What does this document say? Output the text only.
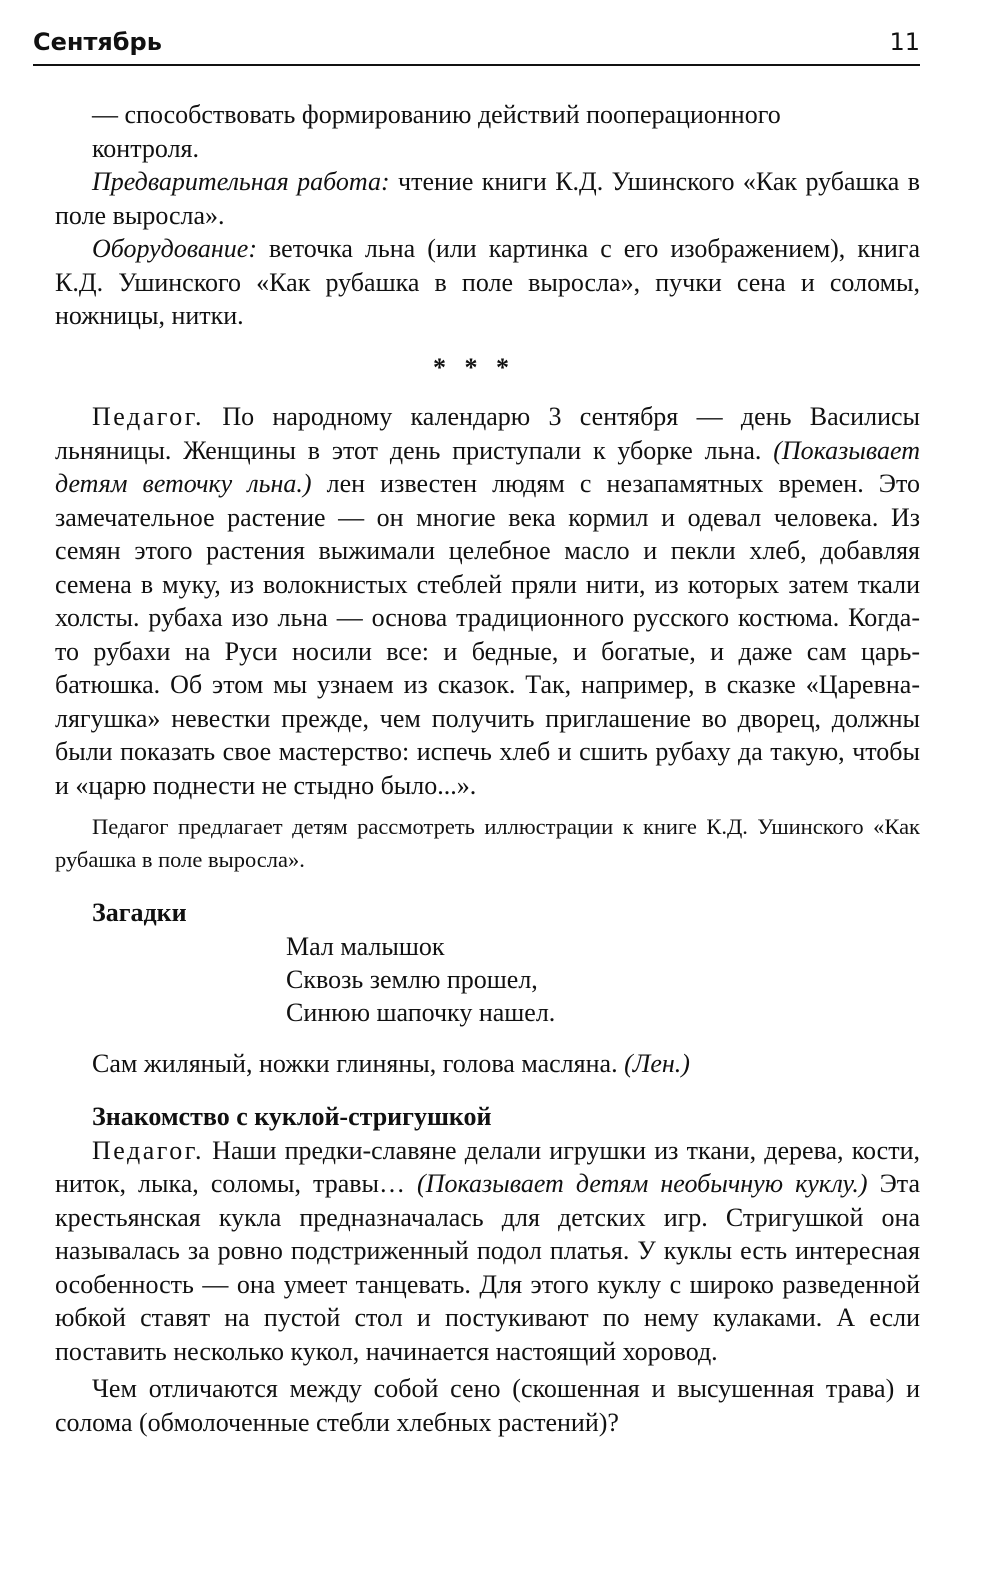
Сентябрь	11

— способствовать формированию действий пооперационного
контроля.

Предварительная работа: чтение книги К.Д. Ушинского «Как рубашка в поле выросла».

Оборудование: веточка льна (или картинка с его изображением), книга К.Д. Ушинского «Как рубашка в поле выросла», пучки сена и соломы, ножницы, нитки.

* * *

Педагог. По народному календарю 3 сентября — день Василисы льняницы. Женщины в этот день приступали к уборке льна. (Показывает детям веточку льна.) лен известен людям с незапамятных времен. Это замечательное растение — он многие века кормил и одевал человека. Из семян этого растения выжимали целебное масло и пекли хлеб, добавляя семена в муку, из волокнистых стеблей пряли нити, из которых затем ткали холсты. рубаха изо льна — основа традиционного русского костюма. Когда-то рубахи на Руси носили все: и бедные, и богатые, и даже сам царь-батюшка. Об этом мы узнаем из сказок. Так, например, в сказке «Царевна-лягушка» невестки прежде, чем получить приглашение во дворец, должны были показать свое мастерство: испечь хлеб и сшить рубаху да такую, чтобы и «царю поднести не стыдно было...».

Педагог предлагает детям рассмотреть иллюстрации к книге К.Д. Ушинского «Как рубашка в поле выросла».

Загадки

Мал малышок
Сквозь землю прошел,
Синюю шапочку нашел.

Сам жиляный, ножки глиняны, голова масляна. (Лен.)

Знакомство с куклой-стригушкой

Педагог. Наши предки-славяне делали игрушки из ткани, дерева, кости, ниток, лыка, соломы, травы… (Показывает детям необычную куклу.) Эта крестьянская кукла предназначалась для детских игр. Стригушкой она называлась за ровно подстриженный подол платья. У куклы есть интересная особенность — она умеет танцевать. Для этого куклу с широко разведенной юбкой ставят на пустой стол и постукивают по нему кулаками. А если поставить несколько кукол, начинается настоящий хоровод.

Чем отличаются между собой сено (скошенная и высушенная трава) и солома (обмолоченные стебли хлебных растений)?
